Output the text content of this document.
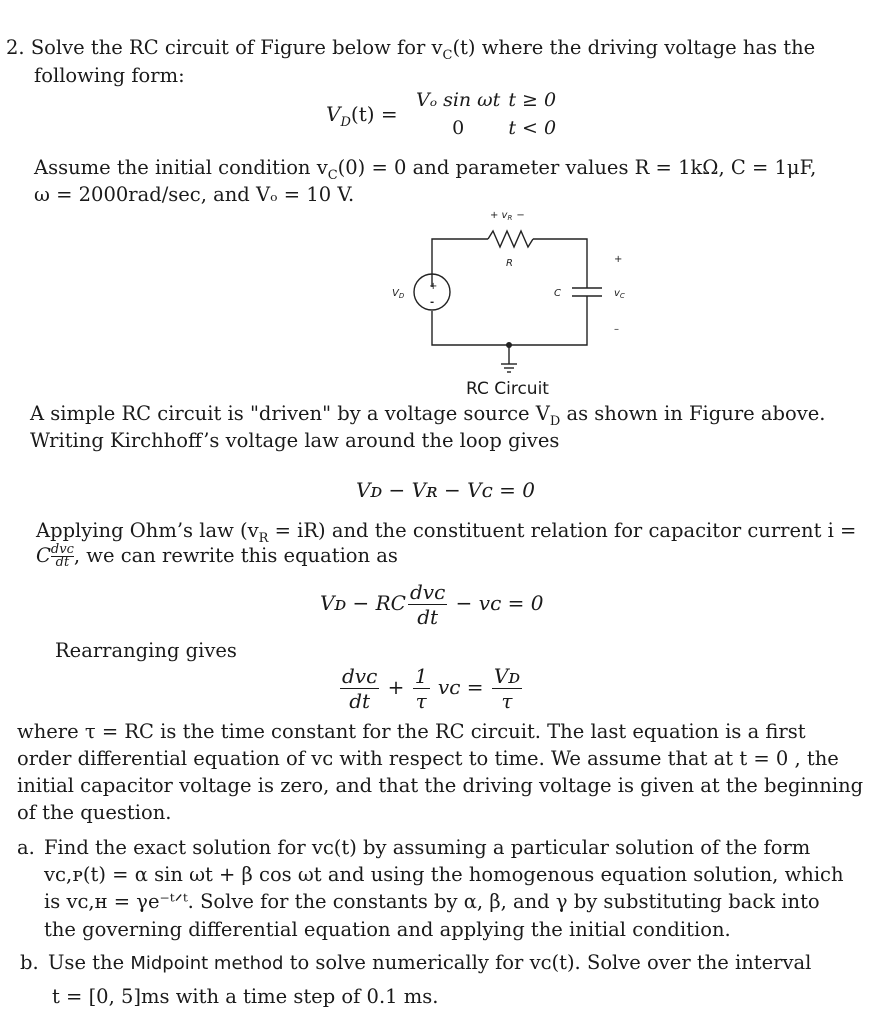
2. Solve the RC circuit of Figure below for $v_C(t)$ where the driving voltage has the
following form:
$V_D(t)$ =
Vₒ sin ωt	t ≥ 0
0	t < 0
Assume the initial condition $v_C(0) = 0$ and parameter values R = 1kΩ, C = 1μF,
ω = 2000rad/sec, and Vₒ = 10 V.
+ $v_R$ −
R
$V_D$
+
-
C	$v_C$
+
–
RC Circuit
A simple RC circuit is "driven" by a voltage source $V_D$ as shown in Figure above.
Writing Kirchhoff’s voltage law around the loop gives
Vᴅ − Vʀ − Vᴄ = 0
Applying Ohm’s law $(v_R = iR)$ and the constituent relation for capacitor current i =
C $\frac{\text{dvᴄ}}{dt}$ , we can rewrite this equation as
Vᴅ − RC $\frac{\text{dvᴄ}}{dt}$ − vᴄ = 0
Rearranging gives
$\frac{\text{dvᴄ}}{dt} + \frac{1}{\tau}$ vᴄ = $\frac{\text{Vᴅ}}{\tau}$
where τ = RC is the time constant for the RC circuit. The last equation is a first
order differential equation of vᴄ with respect to time. We assume that at t = 0 , the
initial capacitor voltage is zero, and that the driving voltage is given at the beginning
of the question.
a. Find the exact solution for vᴄ(t) by assuming a particular solution of the form
vᴄ,ᴘ(t) = α sin ωt + β cos ωt and using the homogenous equation solution, which
is vᴄ,ʜ = γe⁻ᵗᐟᵗ. Solve for the constants by α, β, and γ by substituting back into
the governing differential equation and applying the initial condition.
b. Use the Midpoint method to solve numerically for vᴄ(t). Solve over the interval
t = [0, 5]ms with a time step of 0.1 ms.
